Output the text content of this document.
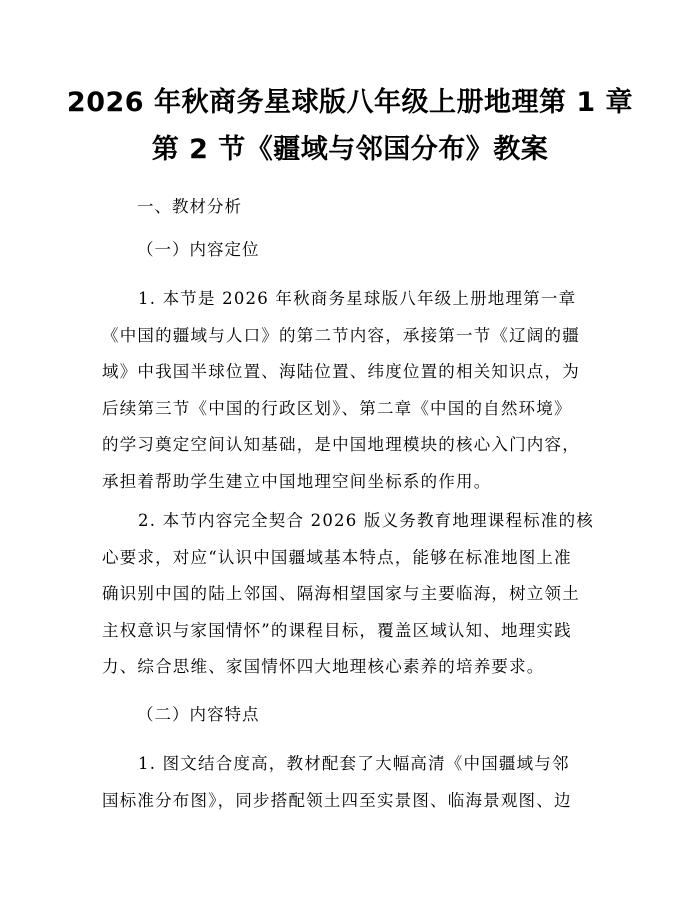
2026 年秋商务星球版八年级上册地理第 1 章
第 2 节《疆域与邻国分布》教案
一、教材分析
（一）内容定位
1. 本节是 2026 年秋商务星球版八年级上册地理第一章
《中国的疆域与人口》的第二节内容，承接第一节《辽阔的疆
域》中我国半球位置、海陆位置、纬度位置的相关知识点，为
后续第三节《中国的行政区划》、第二章《中国的自然环境》
的学习奠定空间认知基础，是中国地理模块的核心入门内容，
承担着帮助学生建立中国地理空间坐标系的作用。
2. 本节内容完全契合 2026 版义务教育地理课程标准的核
心要求，对应“认识中国疆域基本特点，能够在标准地图上准
确识别中国的陆上邻国、隔海相望国家与主要临海，树立领土
主权意识与家国情怀”的课程目标，覆盖区域认知、地理实践
力、综合思维、家国情怀四大地理核心素养的培养要求。
（二）内容特点
1. 图文结合度高，教材配套了大幅高清《中国疆域与邻
国标准分布图》，同步搭配领土四至实景图、临海景观图、边
